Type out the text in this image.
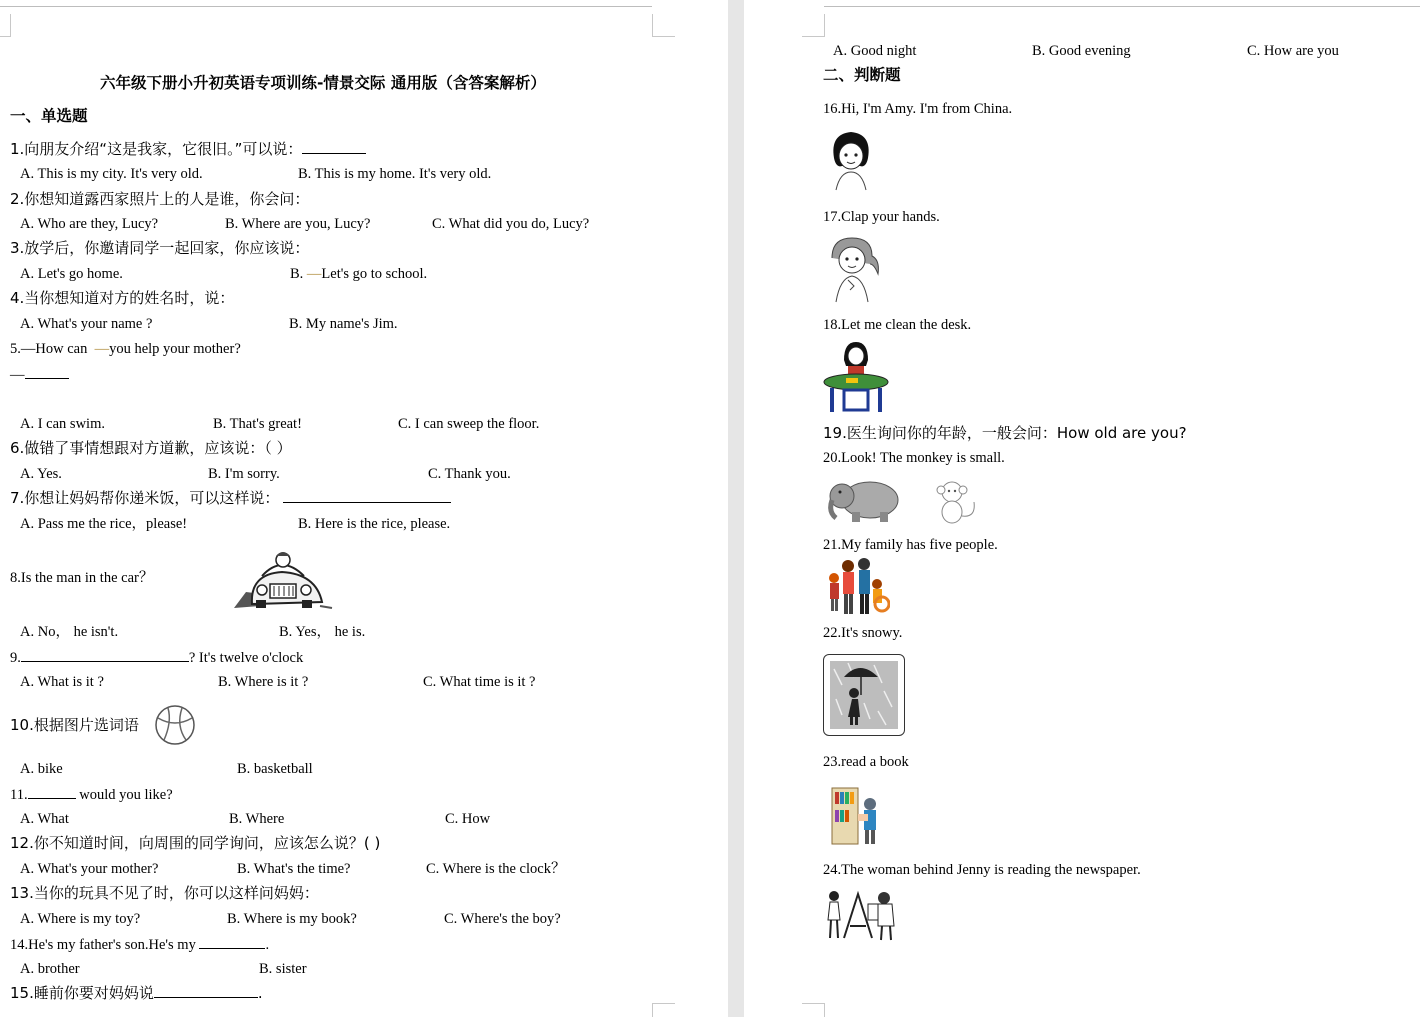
六年级下册小升初英语专项训练-情景交际 通用版（含答案解析）
一、单选题
1.向朋友介绍“这是我家，它很旧。”可以说：
A. This is my city. It's very old.	B. This is my home. It's very old.
2.你想知道露西家照片上的人是谁，你会问：
A. Who are they, Lucy?	B. Where are you, Lucy?	C. What did you do, Lucy?
3.放学后，你邀请同学一起回家，你应该说：
A. Let's go home.	B. —Let's go to school.
4.当你想知道对方的姓名时，说：
A. What's your name ?	B. My name's Jim.
5.—How can —you help your mother?
—
A. I can swim.	B. That's great!	C. I can sweep the floor.
6.做错了事情想跟对方道歉，应该说：（ ）
A. Yes.	B. I'm sorry.	C. Thank you.
7.你想让妈妈帮你递米饭，可以这样说：
A. Pass me the rice，please!	B. Here is the rice, please.
8.Is the man in the car？
A. No， he isn't.	B. Yes， he is.
9.	? It's twelve o'clock
A. What is it ?	B. Where is it ?	C. What time is it ?
10.根据图片选词语
A. bike	B. basketball
11.	would you like?
A. What	B. Where	C. How
12.你不知道时间，向周围的同学询问，应该怎么说？( )
A. What's your mother?	B. What's the time?	C. Where is the clock？
13.当你的玩具不见了时，你可以这样问妈妈：
A. Where is my toy?	B. Where is my book?	C. Where's the boy?
14.He's my father's son.He's my	.
A. brother	B. sister
15.睡前你要对妈妈说	.
A. Good night	B. Good evening	C. How are you
二、判断题
16.Hi, I'm Amy. I'm from China.
17.Clap your hands.
18.Let me clean the desk.
19.医生询问你的年龄，一般会问：How old are you?
20.Look! The monkey is small.
21.My family has five people.
22.It's snowy.
23.read a book
24.The woman behind Jenny is reading the newspaper.
